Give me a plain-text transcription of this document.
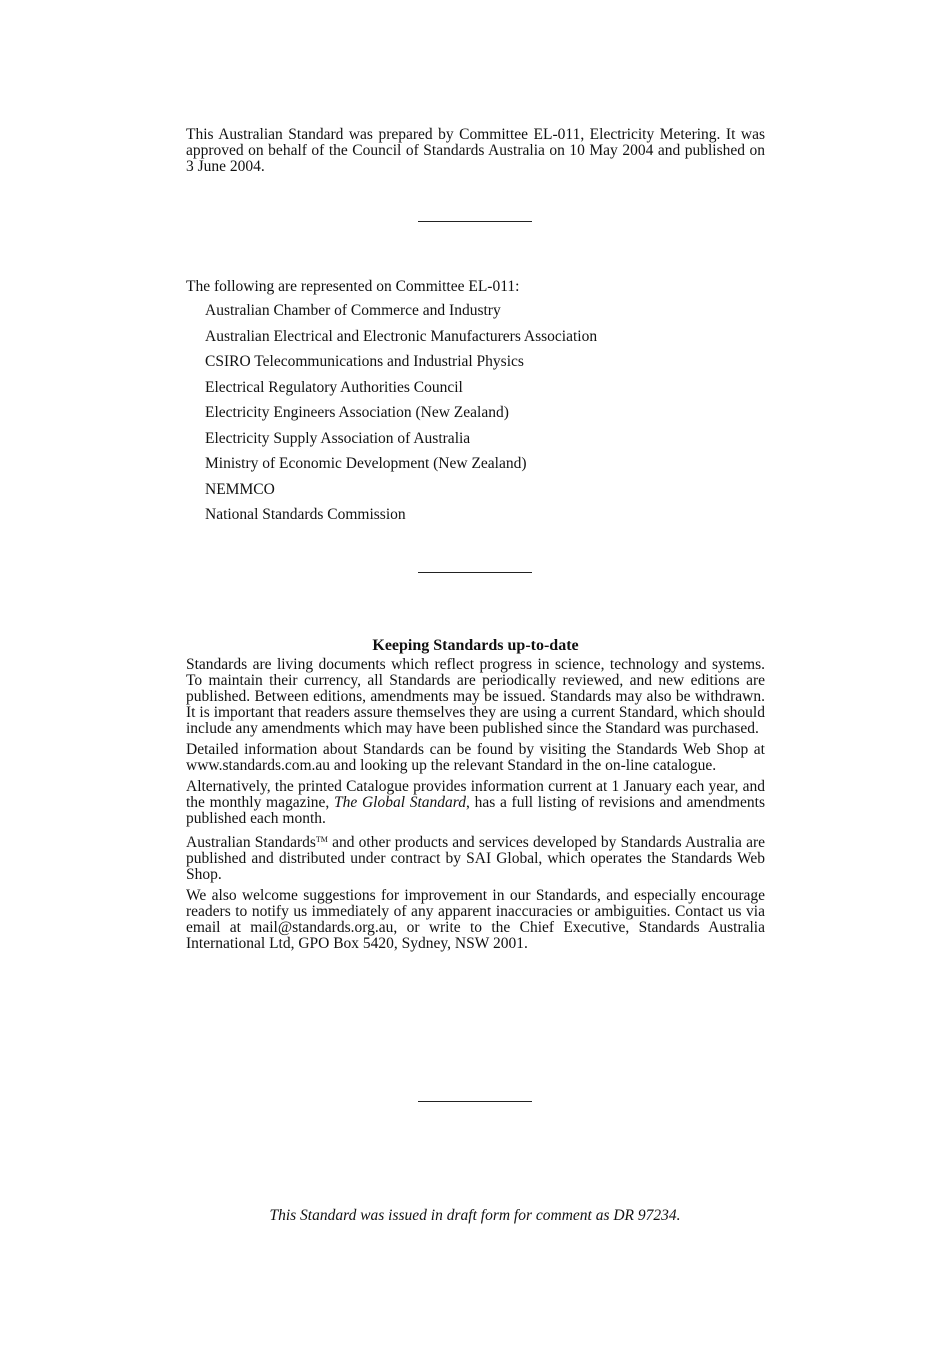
This Australian Standard was prepared by Committee EL-011, Electricity Metering. It was approved on behalf of the Council of Standards Australia on 10 May 2004 and published on 3 June 2004.
The following are represented on Committee EL-011:
Australian Chamber of Commerce and Industry
Australian Electrical and Electronic Manufacturers Association
CSIRO Telecommunications and Industrial Physics
Electrical Regulatory Authorities Council
Electricity Engineers Association (New Zealand)
Electricity Supply Association of Australia
Ministry of Economic Development (New Zealand)
NEMMCO
National Standards Commission
Keeping Standards up-to-date

Standards are living documents which reflect progress in science, technology and systems. To maintain their currency, all Standards are periodically reviewed, and new editions are published. Between editions, amendments may be issued. Standards may also be withdrawn. It is important that readers assure themselves they are using a current Standard, which should include any amendments which may have been published since the Standard was purchased.

Detailed information about Standards can be found by visiting the Standards Web Shop at www.standards.com.au and looking up the relevant Standard in the on-line catalogue.

Alternatively, the printed Catalogue provides information current at 1 January each year, and the monthly magazine, The Global Standard, has a full listing of revisions and amendments published each month.

Australian Standards™ and other products and services developed by Standards Australia are published and distributed under contract by SAI Global, which operates the Standards Web Shop.

We also welcome suggestions for improvement in our Standards, and especially encourage readers to notify us immediately of any apparent inaccuracies or ambiguities. Contact us via email at mail@standards.org.au, or write to the Chief Executive, Standards Australia International Ltd, GPO Box 5420, Sydney, NSW 2001.

This Standard was issued in draft form for comment as DR 97234.
